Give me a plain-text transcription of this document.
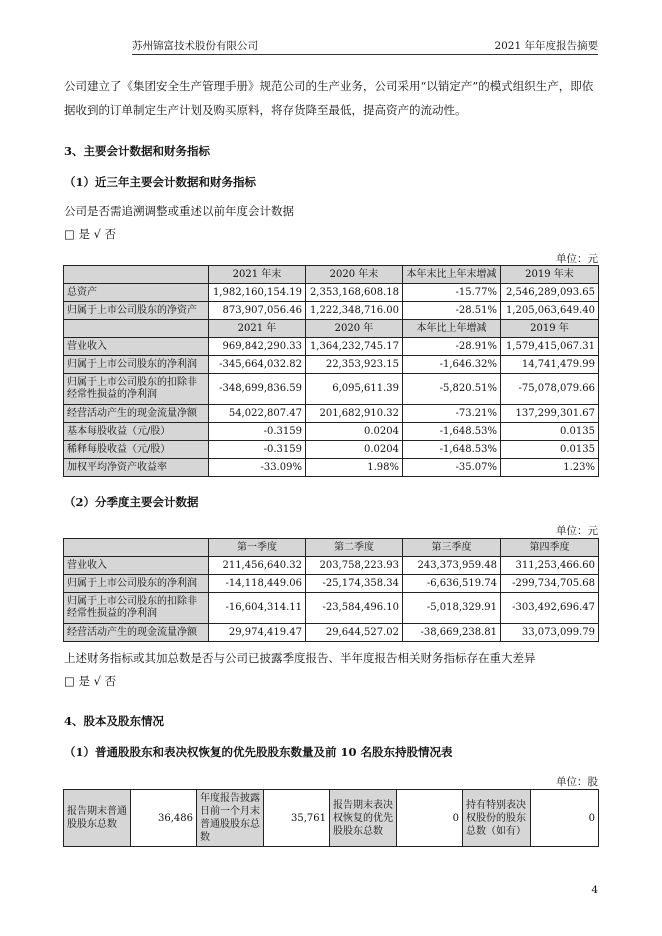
苏州锦富技术股份有限公司	2021 年年度报告摘要
公司建立了《集团安全生产管理手册》规范公司的生产业务，公司采用“以销定产”的模式组织生产，即依据收到的订单制定生产计划及购买原料，将存货降至最低，提高资产的流动性。
3、主要会计数据和财务指标
（1）近三年主要会计数据和财务指标
公司是否需追溯调整或重述以前年度会计数据
□ 是 √ 否
单位：元
	2021 年末	2020 年末	本年末比上年末增减	2019 年末
总资产	1,982,160,154.19	2,353,168,608.18	-15.77%	2,546,289,093.65
归属于上市公司股东的净资产	873,907,056.46	1,222,348,716.00	-28.51%	1,205,063,649.40
	2021 年	2020 年	本年比上年增减	2019 年
营业收入	969,842,290.33	1,364,232,745.17	-28.91%	1,579,415,067.31
归属于上市公司股东的净利润	-345,664,032.82	22,353,923.15	-1,646.32%	14,741,479.99
归属于上市公司股东的扣除非经常性损益的净利润	-348,699,836.59	6,095,611.39	-5,820.51%	-75,078,079.66
经营活动产生的现金流量净额	54,022,807.47	201,682,910.32	-73.21%	137,299,301.67
基本每股收益（元/股）	-0.3159	0.0204	-1,648.53%	0.0135
稀释每股收益（元/股）	-0.3159	0.0204	-1,648.53%	0.0135
加权平均净资产收益率	-33.09%	1.98%	-35.07%	1.23%
（2）分季度主要会计数据
单位：元
	第一季度	第二季度	第三季度	第四季度
营业收入	211,456,640.32	203,758,223.93	243,373,959.48	311,253,466.60
归属于上市公司股东的净利润	-14,118,449.06	-25,174,358.34	-6,636,519.74	-299,734,705.68
归属于上市公司股东的扣除非经常性损益的净利润	-16,604,314.11	-23,584,496.10	-5,018,329.91	-303,492,696.47
经营活动产生的现金流量净额	29,974,419.47	29,644,527.02	-38,669,238.81	33,073,099.79
上述财务指标或其加总数是否与公司已披露季度报告、半年度报告相关财务指标存在重大差异
□ 是 √ 否
4、股本及股东情况
（1）普通股股东和表决权恢复的优先股股东数量及前 10 名股东持股情况表
单位：股
报告期末普通股股东总数	36,486	年度报告披露日前一个月末普通股股东总数	35,761	报告期末表决权恢复的优先股股东总数	0	持有特别表决权股份的股东总数（如有）	0
4
